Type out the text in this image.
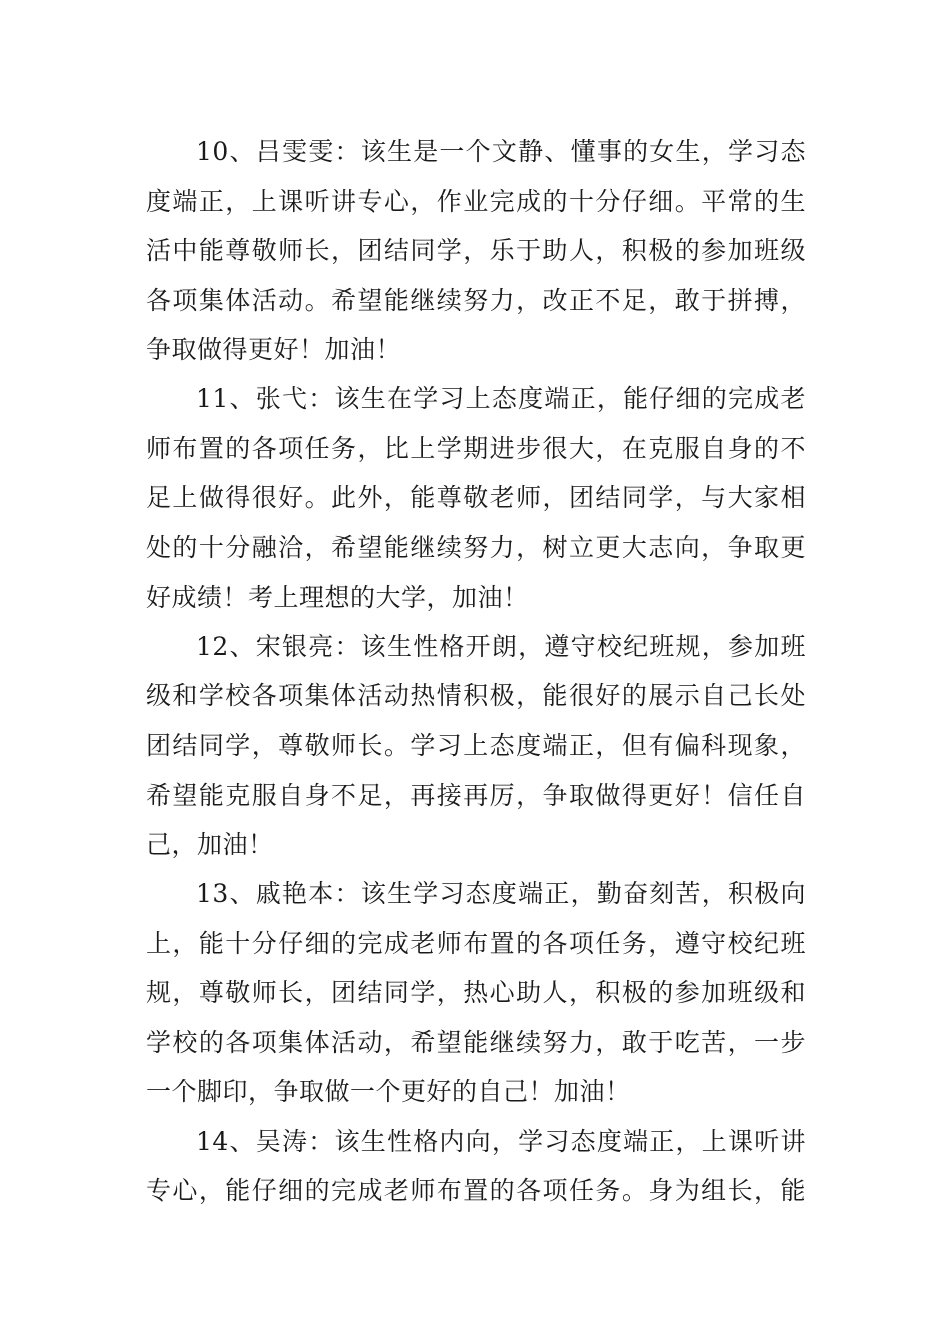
10、吕雯雯：该生是一个文静、懂事的女生，学习态
度端正，上课听讲专心，作业完成的十分仔细。平常的生
活中能尊敬师长，团结同学，乐于助人，积极的参加班级
各项集体活动。希望能继续努力，改正不足，敢于拼搏，
争取做得更好！加油！
11、张弋：该生在学习上态度端正，能仔细的完成老
师布置的各项任务，比上学期进步很大，在克服自身的不
足上做得很好。此外，能尊敬老师，团结同学，与大家相
处的十分融洽，希望能继续努力，树立更大志向，争取更
好成绩！考上理想的大学，加油！
12、宋银亮：该生性格开朗，遵守校纪班规，参加班
级和学校各项集体活动热情积极，能很好的展示自己长处
团结同学，尊敬师长。学习上态度端正，但有偏科现象，
希望能克服自身不足，再接再厉，争取做得更好！信任自
己，加油！
13、戚艳本：该生学习态度端正，勤奋刻苦，积极向
上，能十分仔细的完成老师布置的各项任务，遵守校纪班
规，尊敬师长，团结同学，热心助人，积极的参加班级和
学校的各项集体活动，希望能继续努力，敢于吃苦，一步
一个脚印，争取做一个更好的自己！加油！
14、吴涛：该生性格内向，学习态度端正，上课听讲
专心，能仔细的完成老师布置的各项任务。身为组长，能
